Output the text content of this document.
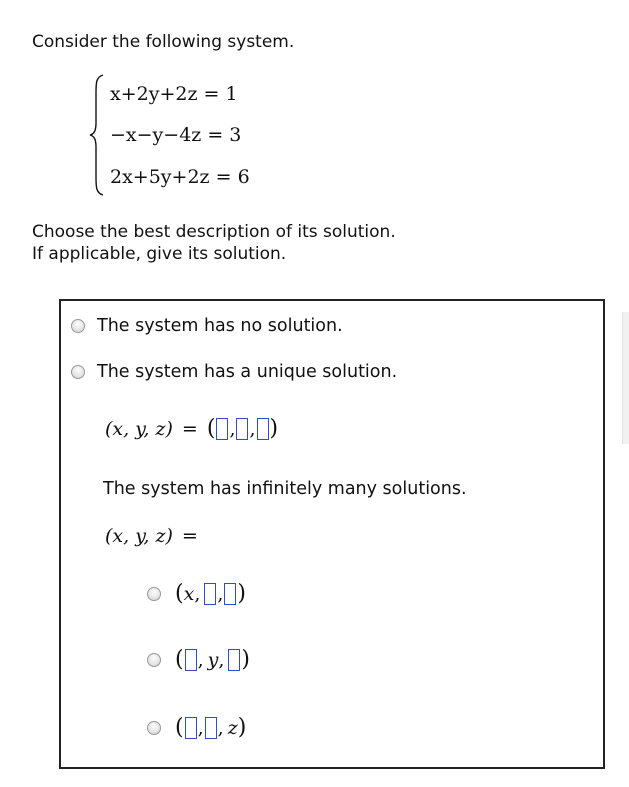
Consider the following system.
x+2y+2z = 1
−x−y−4z = 3
2x+5y+2z = 6
Choose the best description of its solution.
If applicable, give its solution.
The system has no solution.
The system has a unique solution.
(x, y, z) = ( , , )
The system has infinitely many solutions.
(x, y, z) =
( x , , )
( , y , )
( , , z )
